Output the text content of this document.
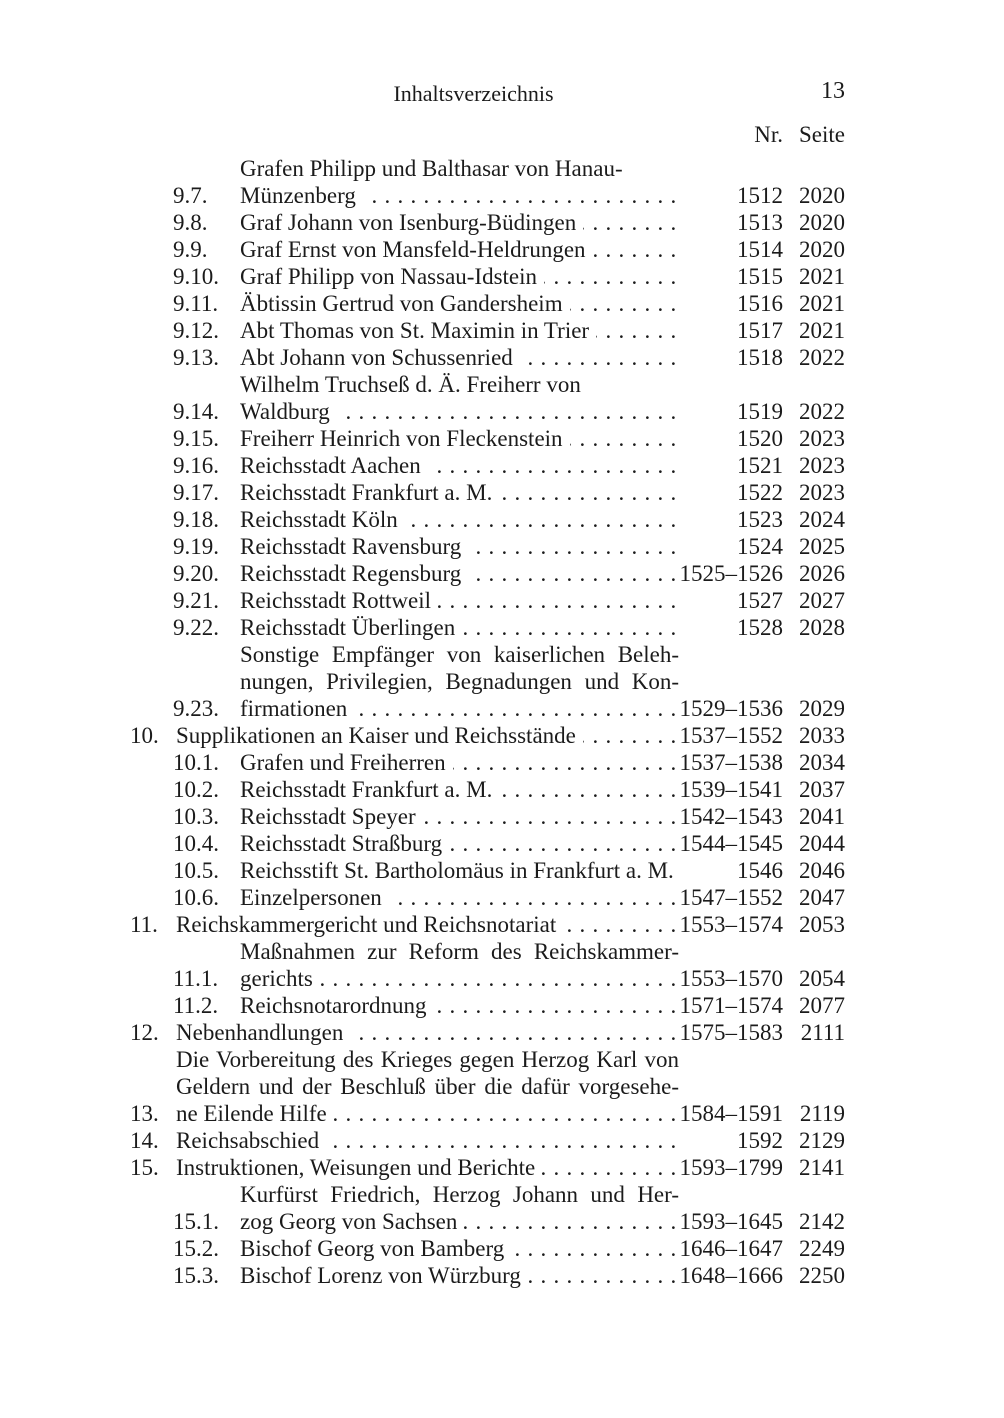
Inhaltsverzeichnis	13
Nr. Seite
9.7.
Grafen Philipp und Balthasar von Hanau-
Münzenberg . . .	1512 2020
9.8.	Graf Johann von Isenburg-Büdingen . . .	1513 2020
9.9.	Graf Ernst von Mansfeld-Heldrungen . . .	1514 2020
9.10. Graf Philipp von Nassau-Idstein . . .	1515 2021
9.11. Äbtissin Gertrud von Gandersheim . . .	1516 2021
9.12. Abt Thomas von St. Maximin in Trier . . .	1517 2021
9.13. Abt Johann von Schussenried . . .	1518 2022
9.14.
Wilhelm Truchseß d. Ä. Freiherr von
Waldburg . . .	1519 2022
9.15. Freiherr Heinrich von Fleckenstein . . .	1520 2023
9.16. Reichsstadt Aachen . . .	1521 2023
9.17. Reichsstadt Frankfurt a. M. . . .	1522 2023
9.18. Reichsstadt Köln . . .	1523 2024
9.19. Reichsstadt Ravensburg . . .	1524 2025
9.20. Reichsstadt Regensburg . . .	1525–1526 2026
9.21. Reichsstadt Rottweil . . .	1527 2027
9.22. Reichsstadt Überlingen . . .	1528 2028
9.23.
Sonstige Empfänger von kaiserlichen Beleh-
nungen, Privilegien, Begnadungen und Kon-
firmationen . . .	1529–1536 2029
10. Supplikationen an Kaiser und Reichsstände . . .	1537–1552 2033
10.1. Grafen und Freiherren . . .	1537–1538 2034
10.2. Reichsstadt Frankfurt a. M. . . .	1539–1541 2037
10.3. Reichsstadt Speyer . . .	1542–1543 2041
10.4. Reichsstadt Straßburg . . .	1544–1545 2044
10.5. Reichsstift St. Bartholomäus in Frankfurt a. M.	1546 2046
10.6. Einzelpersonen . . .	1547–1552 2047
11. Reichskammergericht und Reichsnotariat . . .	1553–1574 2053
11.1.
Maßnahmen zur Reform des Reichskammer-
gerichts . . .	1553–1570 2054
11.2. Reichsnotarordnung . . .	1571–1574 2077
12. Nebenhandlungen . . .	1575–1583 2111
13.
Die Vorbereitung des Krieges gegen Herzog Karl von
Geldern und der Beschluß über die dafür vorgesehe-
ne Eilende Hilfe . . .	1584–1591 2119
14. Reichsabschied . . .	1592 2129
15. Instruktionen, Weisungen und Berichte . . .	1593–1799 2141
15.1.
Kurfürst Friedrich, Herzog Johann und Her-
zog Georg von Sachsen . . .	1593–1645 2142
15.2. Bischof Georg von Bamberg . . .	1646–1647 2249
15.3. Bischof Lorenz von Würzburg . . .	1648–1666 2250
